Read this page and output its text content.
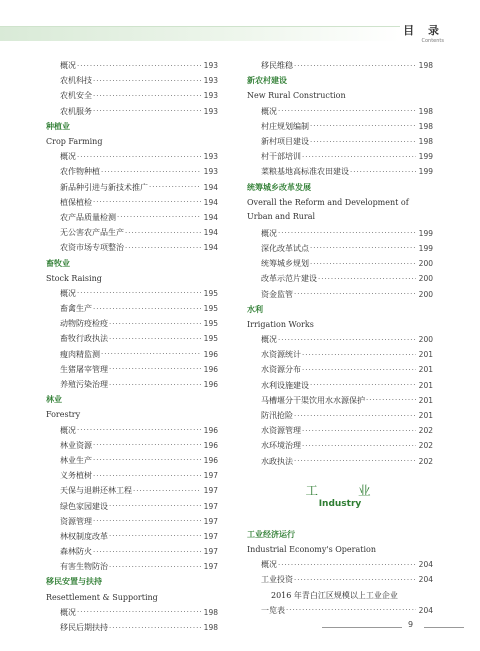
目 录
Contents
概况 ·····	193
农机科技 ·····	193
农机安全 ·····	193
农机服务 ·····	193
种植业
Crop Farming
概况 ·····	193
农作物种植 ·····	193
新品种引进与新技术推广 ·····	194
植保植检 ·····	194
农产品质量检测 ·····	194
无公害农产品生产 ·····	194
农资市场专项整治 ·····	194
畜牧业
Stock Raising
概况 ·····	195
畜禽生产 ·····	195
动物防疫检疫 ·····	195
畜牧行政执法 ·····	195
瘦肉精监测 ·····	196
生猪屠宰管理 ·····	196
养殖污染治理 ·····	196
林业
Forestry
概况 ·····	196
林业资源 ·····	196
林业生产 ·····	196
义务植树 ·····	197
天保与退耕还林工程 ·····	197
绿色家园建设 ·····	197
资源管理 ·····	197
林权制度改革 ·····	197
森林防火 ·····	197
有害生物防治 ·····	197
移民安置与扶持
Resettlement & Supporting
概况 ·····	198
移民后期扶持 ·····	198
移民维稳 ·····	198
新农村建设
New Rural Construction
概况 ·····	198
村庄规划编制 ·····	198
新村项目建设 ·····	198
村干部培训 ·····	199
菜粮基地高标准农田建设 ·····	199
统筹城乡改革发展
Overall the Reform and Development of Urban and Rural
概况 ·····	199
深化改革试点 ·····	199
统筹城乡规划 ·····	200
改革示范片建设 ·····	200
资金监管 ·····	200
水利
Irrigation Works
概况 ·····	200
水资源统计 ·····	201
水资源分布 ·····	201
水利设施建设 ·····	201
马槽堰分干渠饮用水水源保护 ·····	201
防汛抢险 ·····	201
水资源管理 ·····	202
水环境治理 ·····	202
水政执法 ·····	202
工 业
Industry
工业经济运行
Industrial Economy's Operation
概况 ·····	204
工业投资 ·····	204
2016 年青白江区规模以上工业企业
一览表 ·····	204
9
